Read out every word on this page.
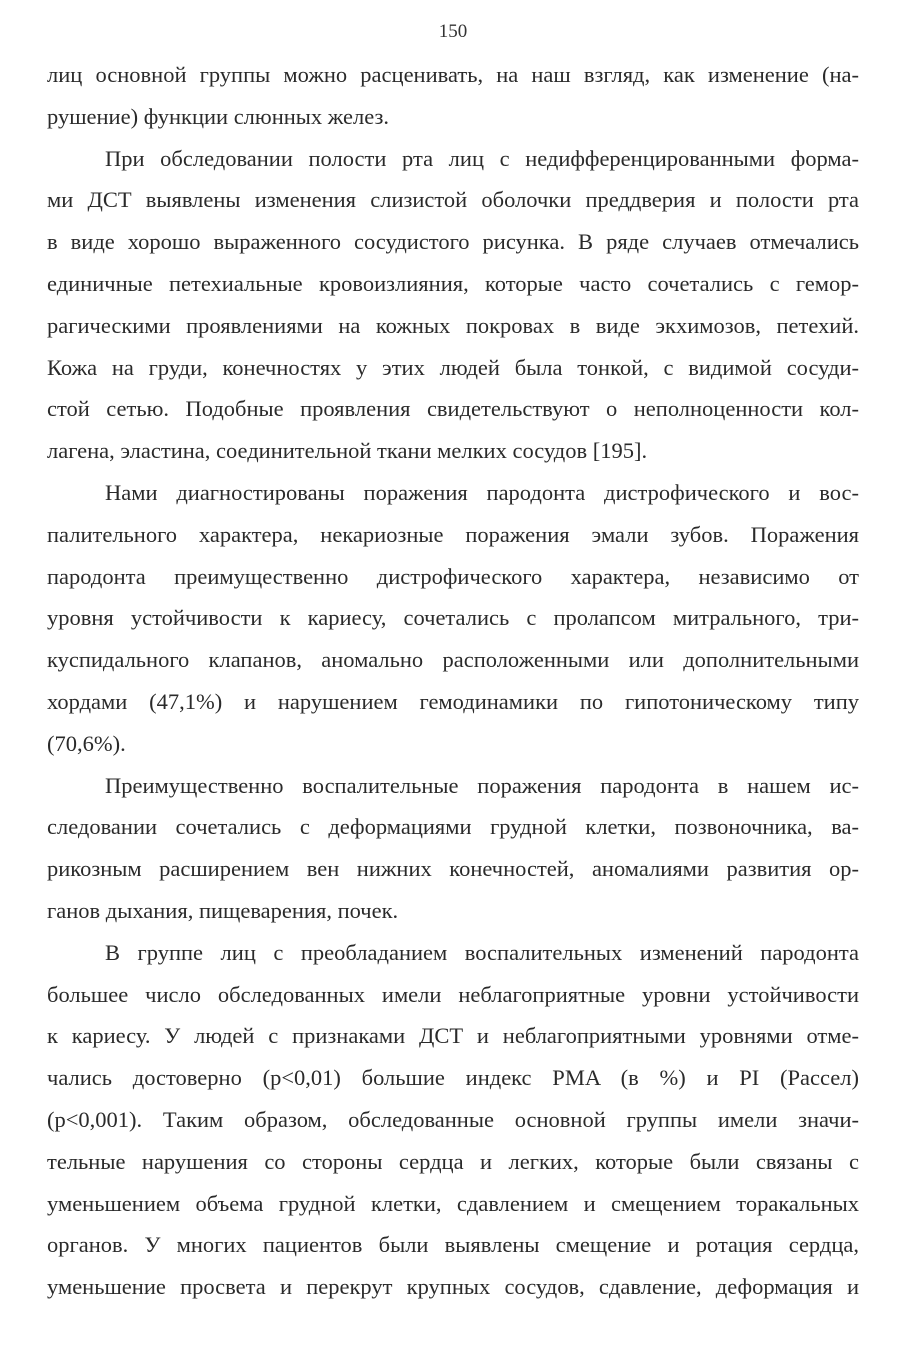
150
лиц основной группы можно расценивать, на наш взгляд, как изменение (на-
рушение) функции слюнных желез.
При обследовании полости рта лиц с недифференцированными форма-
ми ДСТ выявлены изменения слизистой оболочки преддверия и полости рта
в виде хорошо выраженного сосудистого рисунка. В ряде случаев отмечались
единичные петехиальные кровоизлияния, которые часто сочетались с гемор-
рагическими проявлениями на кожных покровах в виде экхимозов, петехий.
Кожа на груди, конечностях у этих людей была тонкой, с видимой сосуди-
стой сетью. Подобные проявления свидетельствуют о неполноценности кол-
лагена, эластина, соединительной ткани мелких сосудов [195].
Нами диагностированы поражения пародонта дистрофического и вос-
палительного характера, некариозные поражения эмали зубов. Поражения
пародонта преимущественно дистрофического характера, независимо от
уровня устойчивости к кариесу, сочетались с пролапсом митрального, три-
куспидального клапанов, аномально расположенными или дополнительными
хордами (47,1%) и нарушением гемодинамики по гипотоническому типу
(70,6%).
Преимущественно воспалительные поражения пародонта в нашем ис-
следовании сочетались с деформациями грудной клетки, позвоночника, ва-
рикозным расширением вен нижних конечностей, аномалиями развития ор-
ганов дыхания, пищеварения, почек.
В группе лиц с преобладанием воспалительных изменений пародонта
большее число обследованных имели неблагоприятные уровни устойчивости
к кариесу. У людей с признаками ДСТ и неблагоприятными уровнями отме-
чались достоверно (p<0,01) большие индекс PMA (в %) и PI (Рассел)
(p<0,001). Таким образом, обследованные основной группы имели значи-
тельные нарушения со стороны сердца и легких, которые были связаны с
уменьшением объема грудной клетки, сдавлением и смещением торакальных
органов. У многих пациентов были выявлены смещение и ротация сердца,
уменьшение просвета и перекрут крупных сосудов, сдавление, деформация и
